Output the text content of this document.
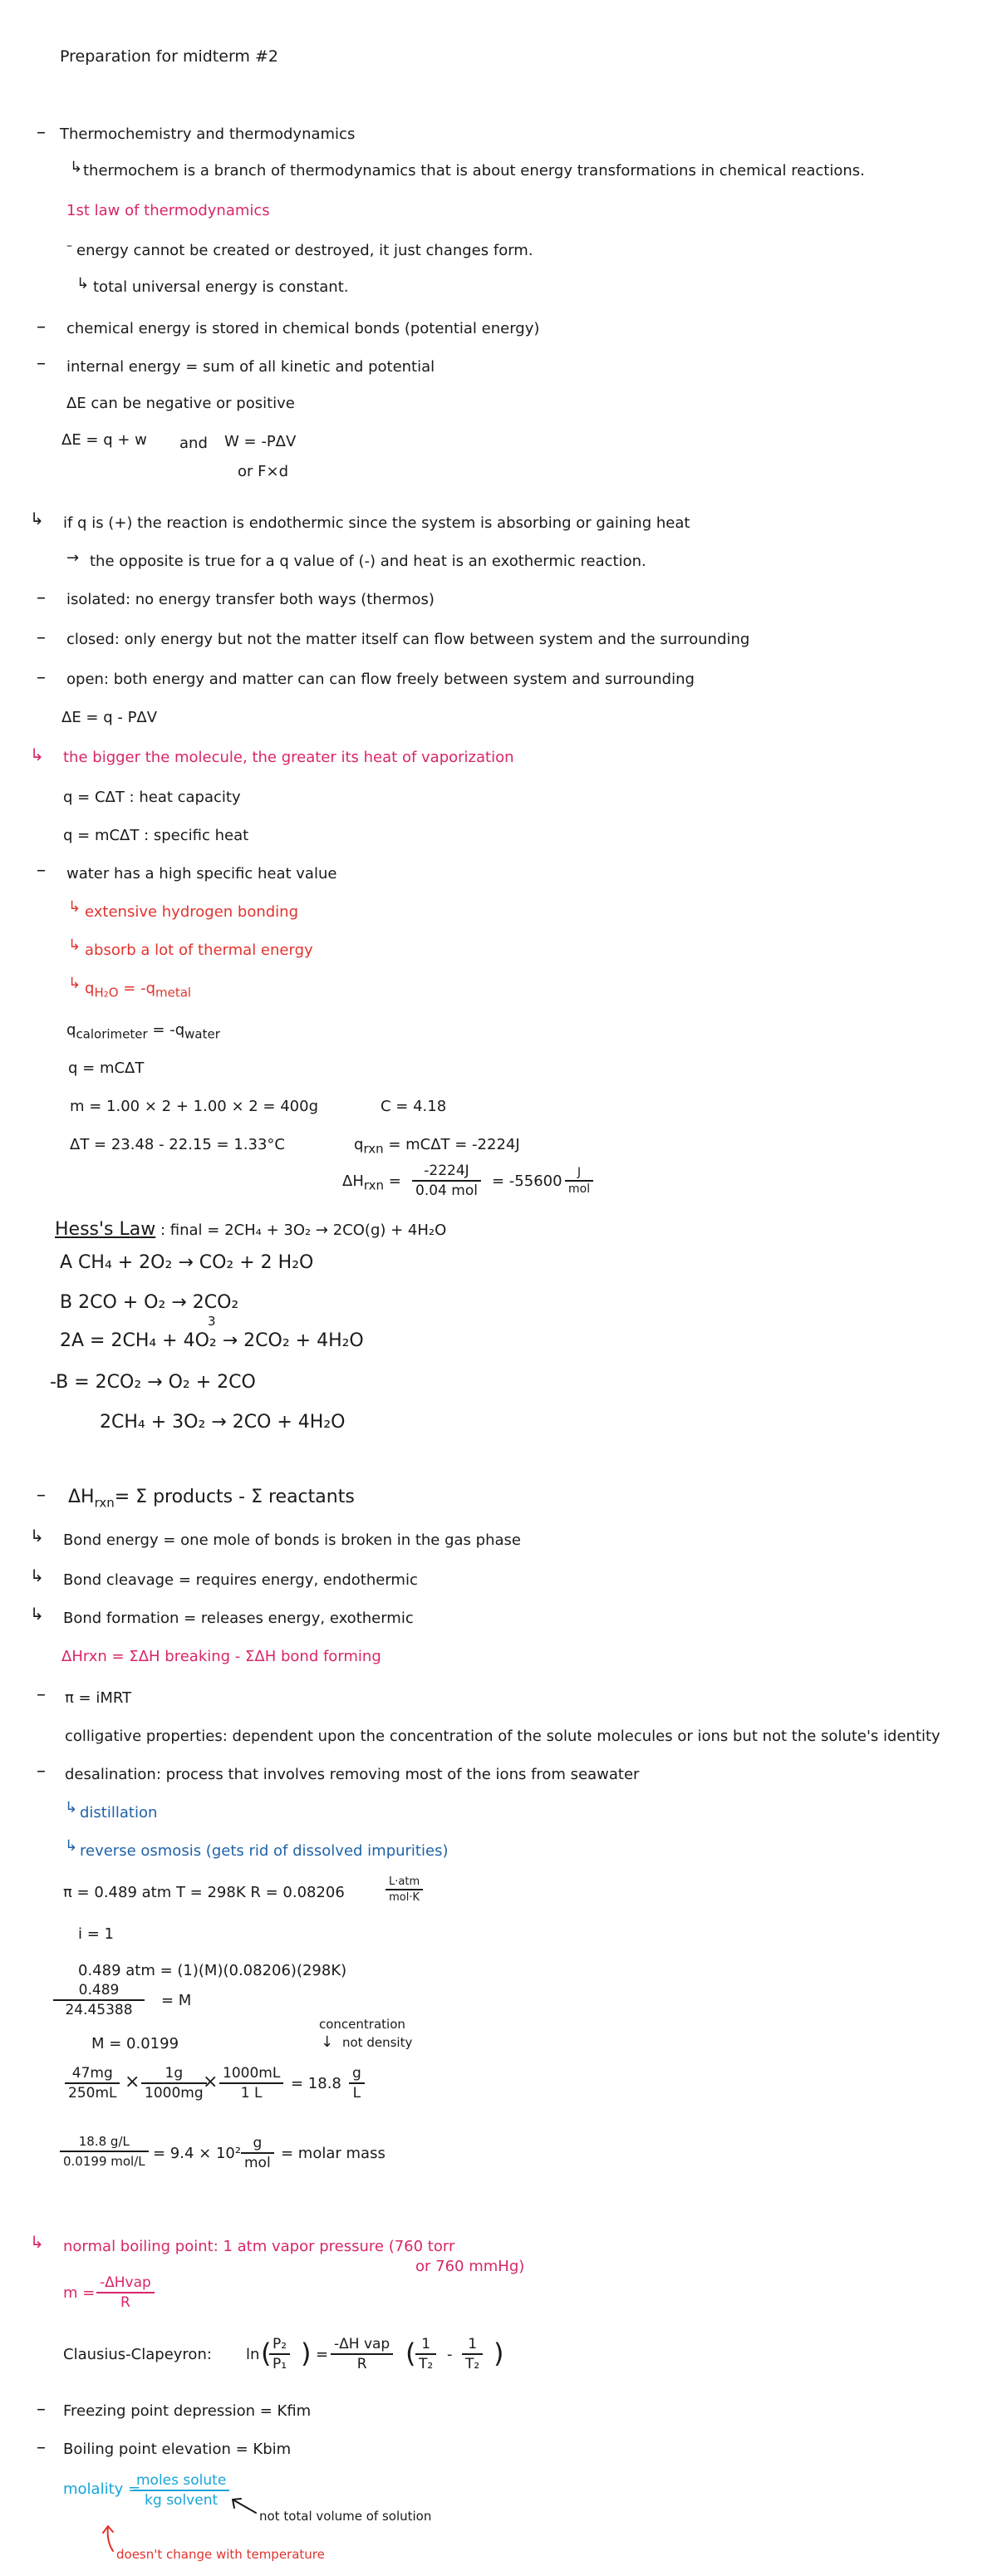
Preparation for midterm #2
– Thermochemistry and thermodynamics
↳ thermochem is a branch of thermodynamics that is about energy transformations in chemical reactions.
1st law of thermodynamics
– energy cannot be created or destroyed, it just changes form.
↳ total universal energy is constant.
– chemical energy is stored in chemical bonds (potential energy)
– internal energy = sum of all kinetic and potential
ΔE can be negative or positive
ΔE = q + w and W = -PΔV
or F×d
↳ if q is (+) the reaction is endothermic since the system is absorbing or gaining heat
→ the opposite is true for a q value of (-) and heat is an exothermic reaction.
– isolated: no energy transfer both ways (thermos)
– closed: only energy but not the matter itself can flow between system and the surrounding
– open: both energy and matter can can flow freely between system and surrounding
ΔE = q - PΔV
↳ the bigger the molecule, the greater its heat of vaporization
q = CΔT : heat capacity
q = mCΔT : specific heat
– water has a high specific heat value
↳ extensive hydrogen bonding
↳ absorb a lot of thermal energy
↳ $q_{H_2O} = -q_{metal}$
$q_{calorimeter} = -q_{water}$
q = mCΔT
m = 1.00 × 2 + 1.00 × 2 = 400g	C = 4.18
ΔT = 23.48 - 22.15 = 1.33°C	$q_{rxn} = mC\Delta T = -2224J$
$\Delta H_{rxn}$ =
-2224J
0.04 mol
= -55600	J
mol
Hess's Law : final = 2CH₄ + 3O₂ → 2CO(g) + 4H₂O
A CH₄ + 2O₂ → CO₂ + 2 H₂O
B 2CO + O₂ → 2CO₂
3
2A = 2CH₄ + 4O₂ → 2CO₂ + 4H₂O
-B = 2CO₂ → O₂ + 2CO
2CH₄ + 3O₂ → 2CO + 4H₂O
– $\Delta H_{rxn}= \Sigma$ products - Σ reactants
↳ Bond energy = one mole of bonds is broken in the gas phase
↳ Bond cleavage = requires energy, endothermic
↳ Bond formation = releases energy, exothermic
ΔHrxn = ΣΔH breaking - ΣΔH bond forming
– π = iMRT
colligative properties: dependent upon the concentration of the solute molecules or ions but not the solute's identity
– desalination: process that involves removing most of the ions from seawater
↳ distillation
↳ reverse osmosis (gets rid of dissolved impurities)
π = 0.489 atm T = 298K R = 0.08206
L·atm
mol·K
i = 1
0.489 atm = (1)(M)(0.08206)(298K)
$\frac{0.489}{24.45388} = M$
M = 0.0199
concentration
↓ not density
$\frac{47mg}{250mL} \times \frac{1g}{1000mg}$
× $\frac{1000mL}{1 L} = 18.8 \frac{g}{L}$
18.8 g/L
0.0199 mol/L = 9.4 × 10²
g
mol
= molar mass
↳ normal boiling point: 1 atm vapor pressure (760 torr
or 760 mmHg)
m =
-ΔHvap
R
Clausius-Clapeyron: ln (
$\frac{\text{P₂}}{\text{P₁}}$ ) =
-ΔH vap
R	( $\frac{1}{\text{T₂}} - \frac{1}{\text{T₂}}$ )
– Freezing point depression = Kfim
– Boiling point elevation = Kbim
molality =
moles solute
kg solvent
not total volume of solution
doesn't change with temperature
